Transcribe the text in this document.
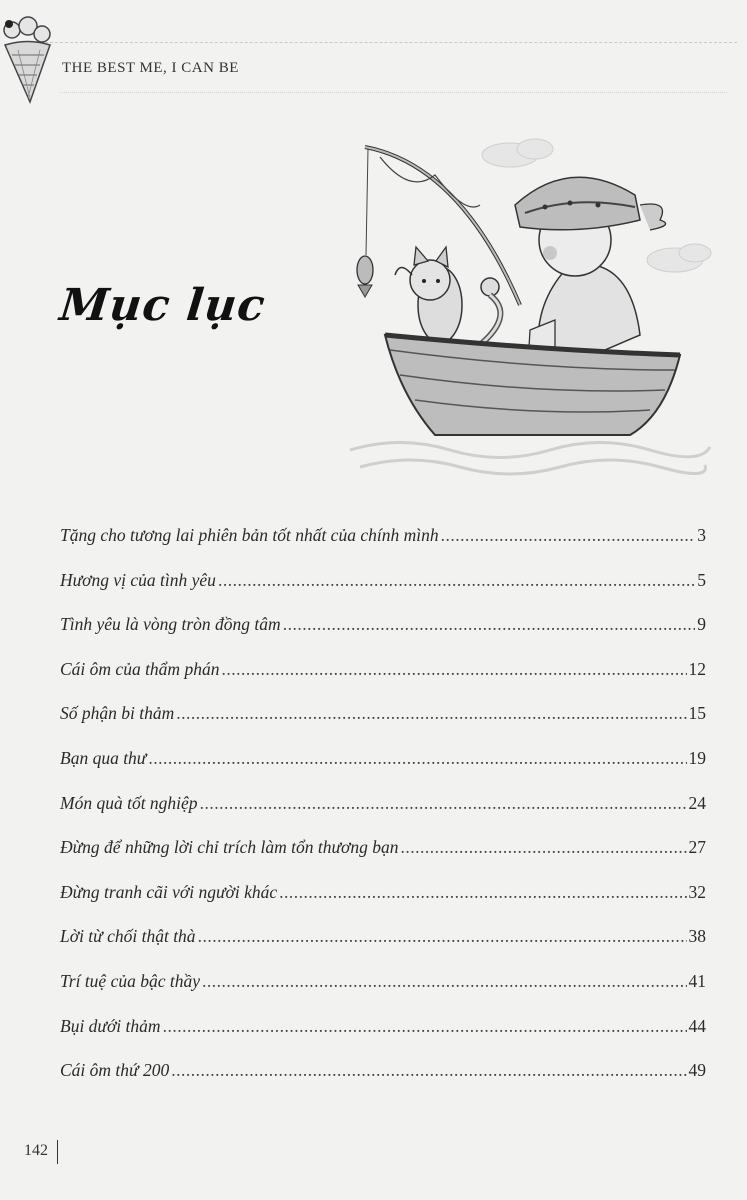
THE BEST ME, I CAN BE
Mục lục
Tặng cho tương lai phiên bản tốt nhất của chính mình .....	3
Hương vị của tình yêu .....	5
Tình yêu là vòng tròn đồng tâm .....	9
Cái ôm của thẩm phán .....	12
Số phận bi thảm .....	15
Bạn qua thư .....	19
Món quà tốt nghiệp .....	24
Đừng để những lời chỉ trích làm tổn thương bạn .....	27
Đừng tranh cãi với người khác .....	32
Lời từ chối thật thà .....	38
Trí tuệ của bậc thầy .....	41
Bụi dưới thảm .....	44
Cái ôm thứ 200 .....	49
142
